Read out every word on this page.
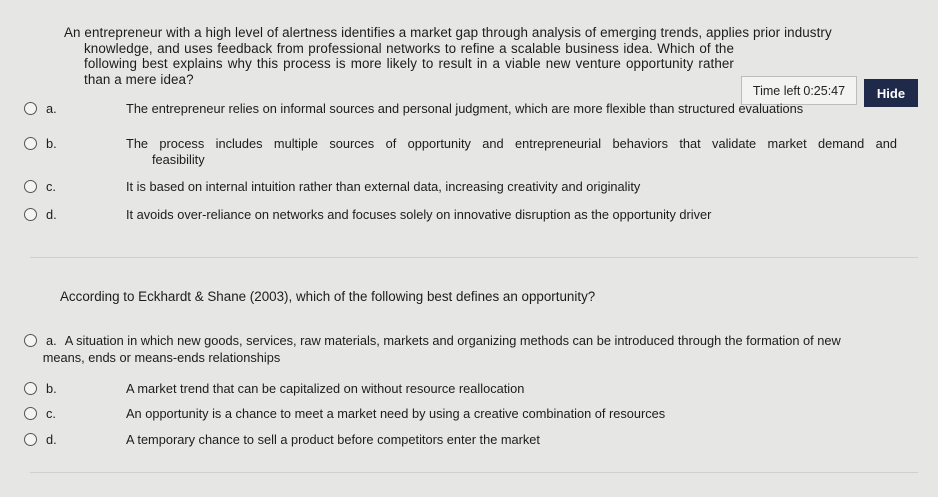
An entrepreneur with a high level of alertness identifies a market gap through analysis of emerging trends, applies prior industry

knowledge, and uses feedback from professional networks to refine a scalable business idea. Which of the following best explains why this process is more likely to result in a viable new venture opportunity rather than a mere idea?

Time left 0:25:47	Hide
a.	The entrepreneur relies on informal sources and personal judgment, which are more flexible than structured evaluations
b.	The process includes multiple sources of opportunity and entrepreneurial behaviors that validate market demand and
feasibility
c.	It is based on internal intuition rather than external data, increasing creativity and originality
d.	It avoids over-reliance on networks and focuses solely on innovative disruption as the opportunity driver
According to Eckhardt & Shane (2003), which of the following best defines an opportunity?
a. A situation in which new goods, services, raw materials, markets and organizing methods can be introduced through the formation of new
means, ends or means-ends relationships
b.	A market trend that can be capitalized on without resource reallocation
c.	An opportunity is a chance to meet a market need by using a creative combination of resources
d.	A temporary chance to sell a product before competitors enter the market
